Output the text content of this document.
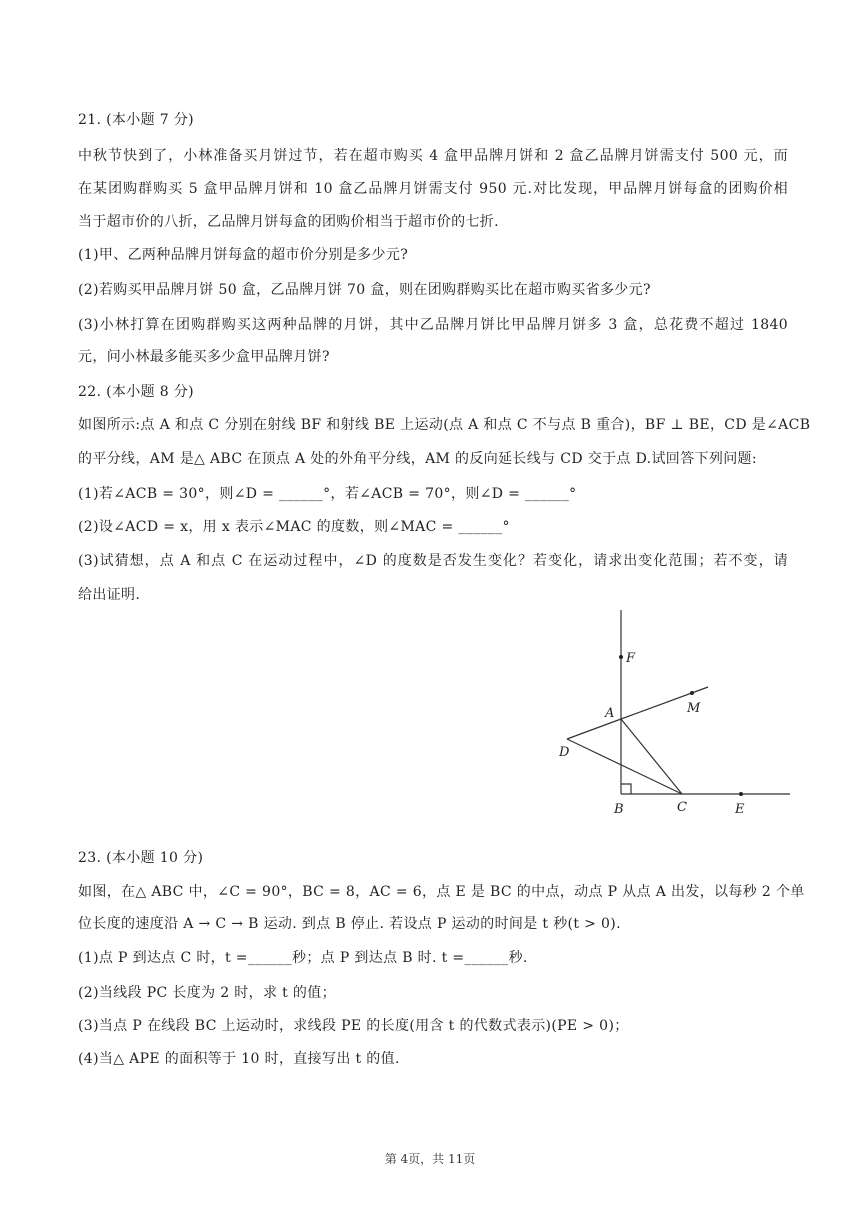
21. (本小题 7 分)
中秋节快到了，小林准备买月饼过节，若在超市购买 4 盒甲品牌月饼和 2 盒乙品牌月饼需支付 500 元，而
在某团购群购买 5 盒甲品牌月饼和 10 盒乙品牌月饼需支付 950 元.对比发现，甲品牌月饼每盒的团购价相
当于超市价的八折，乙品牌月饼每盒的团购价相当于超市价的七折.
(1)甲、乙两种品牌月饼每盒的超市价分别是多少元?
(2)若购买甲品牌月饼 50 盒，乙品牌月饼 70 盒，则在团购群购买比在超市购买省多少元?
(3)小林打算在团购群购买这两种品牌的月饼，其中乙品牌月饼比甲品牌月饼多 3 盒，总花费不超过 1840
元，问小林最多能买多少盒甲品牌月饼?
22. (本小题 8 分)
如图所示:点 A 和点 C 分别在射线 BF 和射线 BE 上运动(点 A 和点 C 不与点 B 重合)，BF ⊥ BE，CD 是∠ACB
的平分线，AM 是△ ABC 在顶点 A 处的外角平分线，AM 的反向延长线与 CD 交于点 D.试回答下列问题:
(1)若∠ACB = 30°，则∠D = ______°，若∠ACB = 70°，则∠D = ______°
(2)设∠ACD = x，用 x 表示∠MAC 的度数，则∠MAC = ______°
(3)试猜想，点 A 和点 C 在运动过程中，∠D 的度数是否发生变化？若变化，请求出变化范围；若不变，请
给出证明.
F
M
A
D
B	C	E
23. (本小题 10 分)
如图，在△ ABC 中，∠C = 90°，BC = 8，AC = 6，点 E 是 BC 的中点，动点 P 从点 A 出发，以每秒 2 个单
位长度的速度沿 A → C → B 运动. 到点 B 停止. 若设点 P 运动的时间是 t 秒(t > 0).
(1)点 P 到达点 C 时，t =______秒；点 P 到达点 B 时. t =______秒.
(2)当线段 PC 长度为 2 时，求 t 的值；
(3)当点 P 在线段 BC 上运动时，求线段 PE 的长度(用含 t 的代数式表示)(PE > 0)；
(4)当△ APE 的面积等于 10 时，直接写出 t 的值.
第 4页，共 11页
